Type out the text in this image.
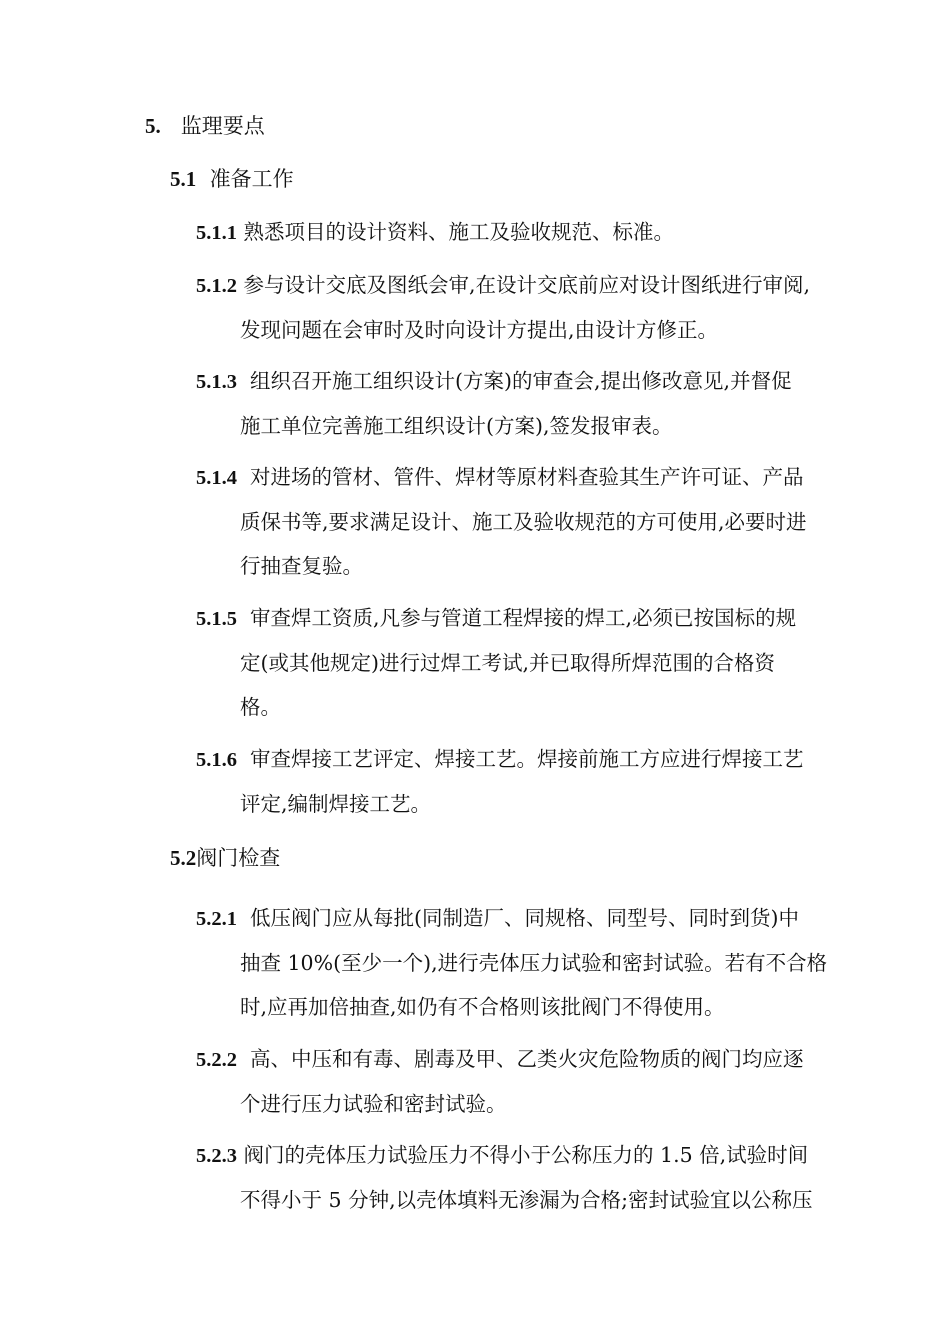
5. 监理要点
5.1 准备工作
5.1.1 熟悉项目的设计资料、施工及验收规范、标准。
5.1.2 参与设计交底及图纸会审,在设计交底前应对设计图纸进行审阅,
发现问题在会审时及时向设计方提出,由设计方修正。
5.1.3 组织召开施工组织设计(方案)的审查会,提出修改意见,并督促
施工单位完善施工组织设计(方案),签发报审表。
5.1.4 对进场的管材、管件、焊材等原材料查验其生产许可证、产品
质保书等,要求满足设计、施工及验收规范的方可使用,必要时进
行抽查复验。
5.1.5 审查焊工资质,凡参与管道工程焊接的焊工,必须已按国标的规
定(或其他规定)进行过焊工考试,并已取得所焊范围的合格资
格。
5.1.6 审查焊接工艺评定、焊接工艺。焊接前施工方应进行焊接工艺
评定,编制焊接工艺。
5.2阀门检查
5.2.1 低压阀门应从每批(同制造厂、同规格、同型号、同时到货)中
抽查 10%(至少一个),进行壳体压力试验和密封试验。若有不合格
时,应再加倍抽查,如仍有不合格则该批阀门不得使用。
5.2.2 高、中压和有毒、剧毒及甲、乙类火灾危险物质的阀门均应逐
个进行压力试验和密封试验。
5.2.3 阀门的壳体压力试验压力不得小于公称压力的 1.5 倍,试验时间
不得小于 5 分钟,以壳体填料无渗漏为合格;密封试验宜以公称压
